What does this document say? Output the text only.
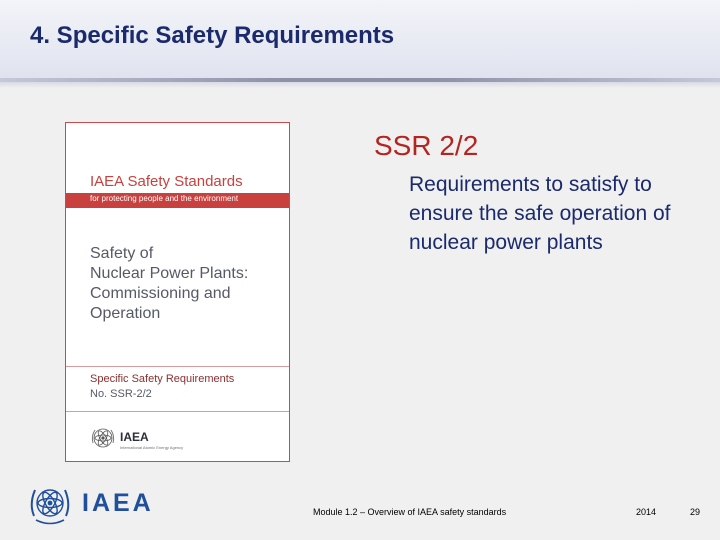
4. Specific Safety Requirements
IAEA Safety Standards
for protecting people and the environment
Safety of
Nuclear Power Plants:
Commissioning and
Operation
Specific Safety Requirements
No. SSR-2/2
IAEA
International Atomic Energy Agency
SSR 2/2
Requirements to satisfy to ensure the safe operation of nuclear power plants
IAEA	Module 1.2 – Overview of IAEA safety standards	2014	29
